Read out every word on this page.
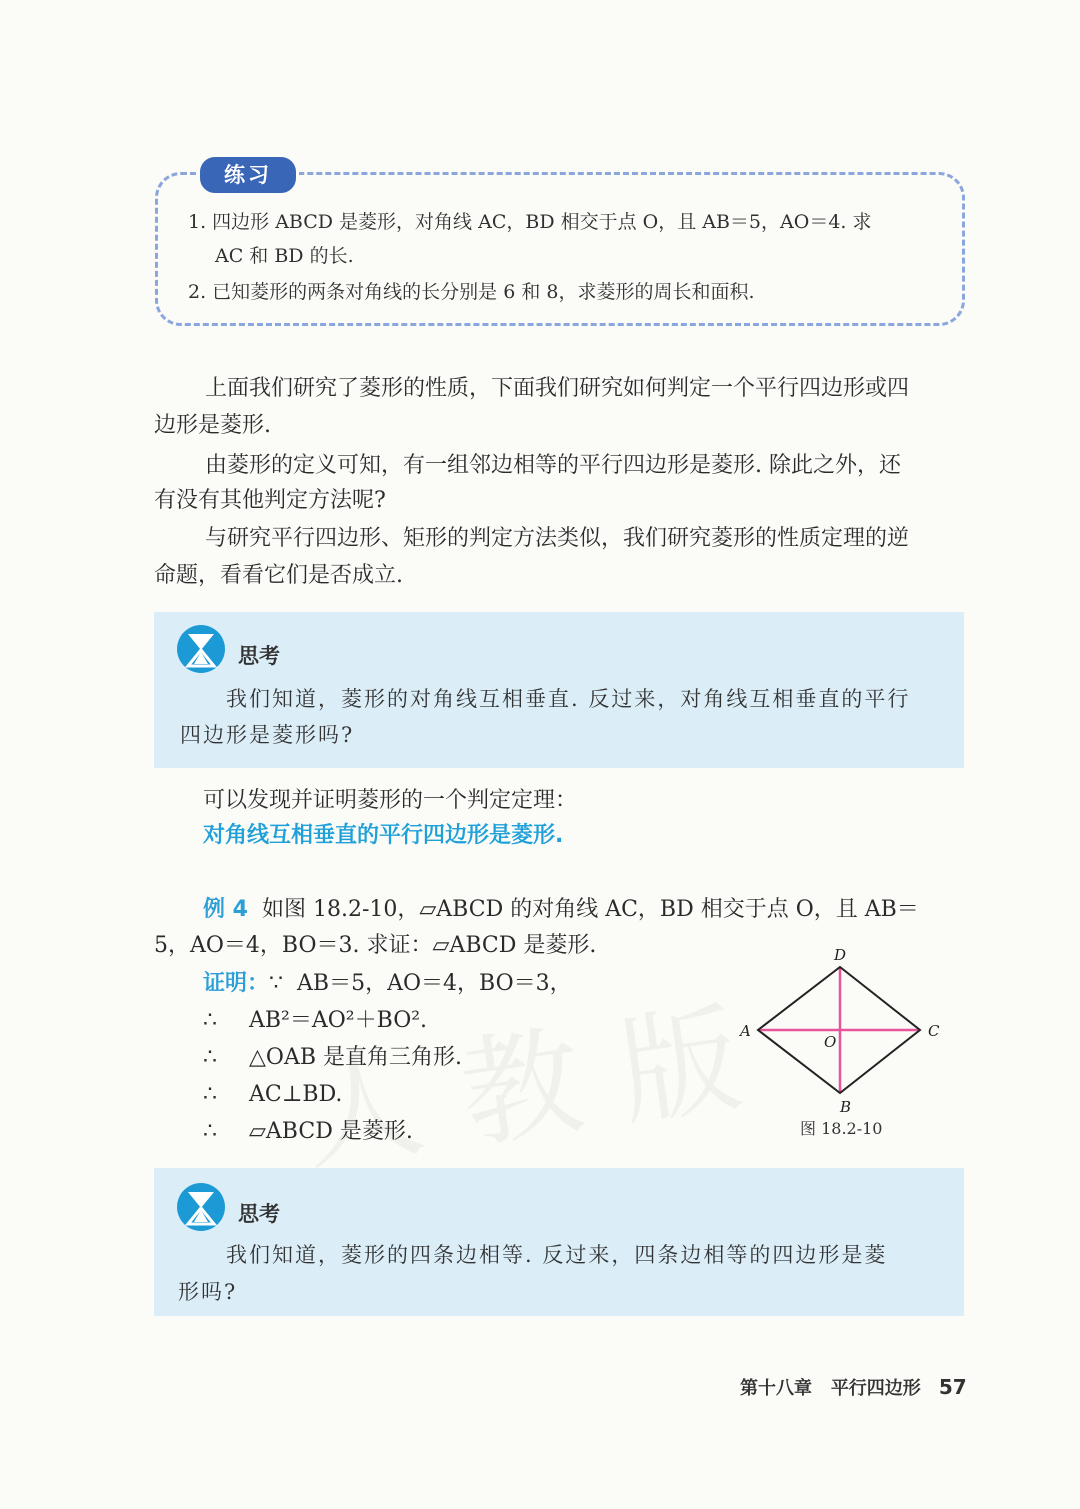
练习
1. 四边形 ABCD 是菱形，对角线 AC，BD 相交于点 O，且 AB＝5，AO＝4. 求
AC 和 BD 的长.
2. 已知菱形的两条对角线的长分别是 6 和 8，求菱形的周长和面积.
上面我们研究了菱形的性质，下面我们研究如何判定一个平行四边形或四
边形是菱形.
由菱形的定义可知，有一组邻边相等的平行四边形是菱形. 除此之外，还
有没有其他判定方法呢?
与研究平行四边形、矩形的判定方法类似，我们研究菱形的性质定理的逆
命题，看看它们是否成立.
思考
我们知道，菱形的对角线互相垂直. 反过来，对角线互相垂直的平行
四边形是菱形吗?
可以发现并证明菱形的一个判定定理：
对角线互相垂直的平行四边形是菱形.
例 4 如图 18.2-10，▱ABCD 的对角线 AC，BD 相交于点 O，且 AB＝
5，AO＝4，BO＝3. 求证：▱ABCD 是菱形.
证明：∵ AB＝5，AO＝4，BO＝3，
∴ AB²＝AO²＋BO².
∴ △OAB 是直角三角形.
∴ AC⊥BD.
∴ ▱ABCD 是菱形.
D
A	C
B
O
图 18.2-10
思考
我们知道，菱形的四条边相等. 反过来，四条边相等的四边形是菱
形吗?
第十八章 平行四边形 57
